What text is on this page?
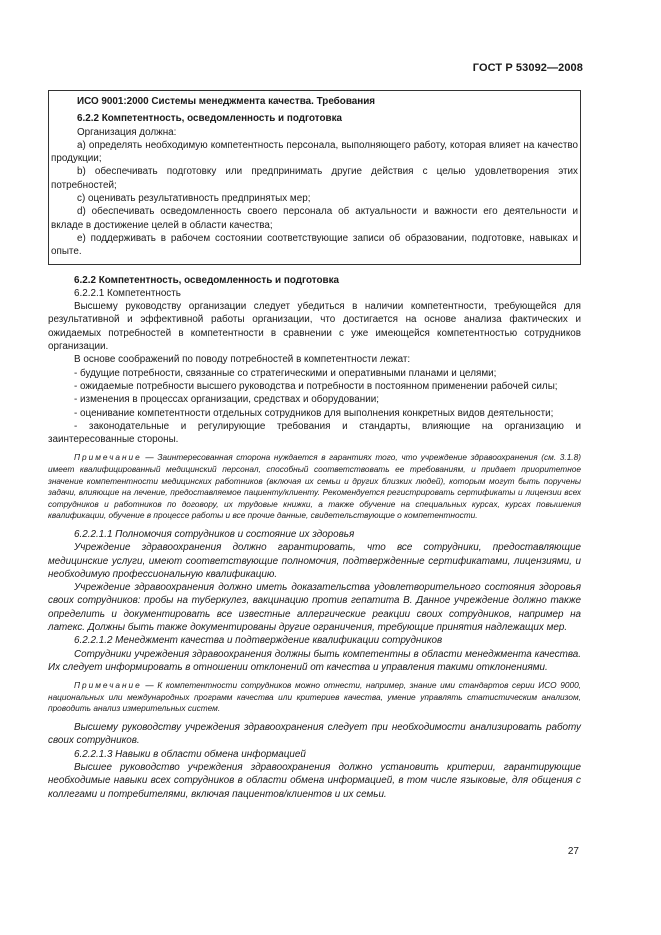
ГОСТ Р 53092—2008

ИСО 9001:2000 Системы менеджмента качества. Требования

6.2.2 Компетентность, осведомленность и подготовка

Организация должна:

a) определять необходимую компетентность персонала, выполняющего работу, которая влияет на качество продукции;

b) обеспечивать подготовку или предпринимать другие действия с целью удовлетворения этих потребностей;

c) оценивать результативность предпринятых мер;

d) обеспечивать осведомленность своего персонала об актуальности и важности его деятельности и вкладе в достижение целей в области качества;

e) поддерживать в рабочем состоянии соответствующие записи об образовании, подготовке, навыках и опыте.

6.2.2 Компетентность, осведомленность и подготовка

6.2.2.1 Компетентность

Высшему руководству организации следует убедиться в наличии компетентности, требующейся для результативной и эффективной работы организации, что достигается на основе анализа фактических и ожидаемых потребностей в компетентности в сравнении с уже имеющейся компетентностью сотрудников организации.

В основе соображений по поводу потребностей в компетентности лежат:

- будущие потребности, связанные со стратегическими и оперативными планами и целями;

- ожидаемые потребности высшего руководства и потребности в постоянном применении рабочей силы;

- изменения в процессах организации, средствах и оборудовании;

- оценивание компетентности отдельных сотрудников для выполнения конкретных видов деятельности;

- законодательные и регулирующие требования и стандарты, влияющие на организацию и заинтересованные стороны.

Примечание — Заинтересованная сторона нуждается в гарантиях того, что учреждение здравоохранения (см. 3.1.8) имеет квалифицированный медицинский персонал, способный соответствовать ее требованиям, и придает приоритетное значение компетентности медицинских работников (включая их семьи и других близких людей), которым могут быть поручены задачи, влияющие на лечение, предоставляемое пациенту/клиенту. Рекомендуется регистрировать сертификаты и лицензии всех сотрудников и работников по договору, их трудовые книжки, а также обучение на специальных курсах, курсах повышения квалификации, обучение в процессе работы и все прочие данные, свидетельствующие о компетентности.

6.2.2.1.1 Полномочия сотрудников и состояние их здоровья

Учреждение здравоохранения должно гарантировать, что все сотрудники, предоставляющие медицинские услуги, имеют соответствующие полномочия, подтвержденные сертификатами, лицензиями, и необходимую профессиональную квалификацию.

Учреждение здравоохранения должно иметь доказательства удовлетворительного состояния здоровья своих сотрудников: пробы на туберкулез, вакцинацию против гепатита В. Данное учреждение должно также определить и документировать все известные аллергические реакции своих сотрудников, например на латекс. Должны быть также документированы другие ограничения, требующие принятия надлежащих мер.

6.2.2.1.2 Менеджмент качества и подтверждение квалификации сотрудников

Сотрудники учреждения здравоохранения должны быть компетентны в области менеджмента качества. Их следует информировать в отношении отклонений от качества и управления такими отклонениями.

Примечание — К компетентности сотрудников можно отнести, например, знание ими стандартов серии ИСО 9000, национальных или международных программ качества или критериев качества, умение управлять статистическим анализом, проводить анализ измерительных систем.

Высшему руководству учреждения здравоохранения следует при необходимости анализировать работу своих сотрудников.

6.2.2.1.3 Навыки в области обмена информацией

Высшее руководство учреждения здравоохранения должно установить критерии, гарантирующие необходимые навыки всех сотрудников в области обмена информацией, в том числе языковые, для общения с коллегами и потребителями, включая пациентов/клиентов и их семьи.

27
